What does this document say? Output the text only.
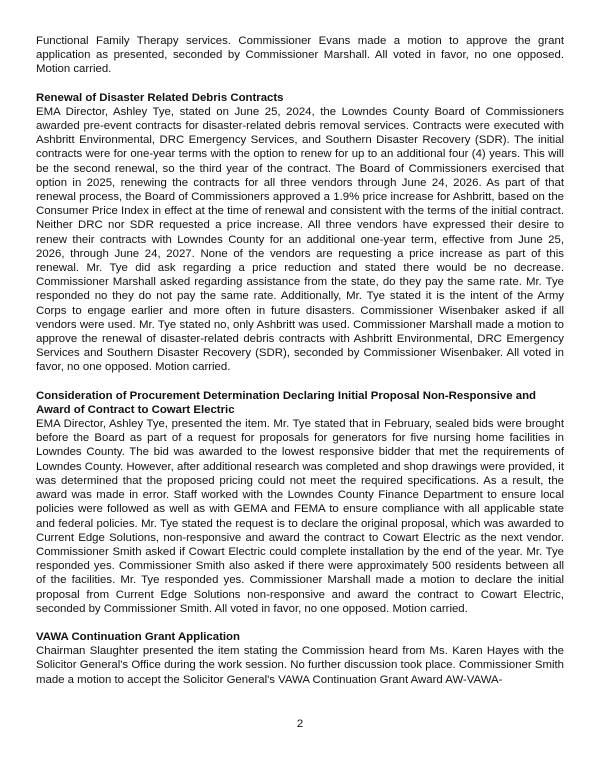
Functional Family Therapy services. Commissioner Evans made a motion to approve the grant application as presented, seconded by Commissioner Marshall. All voted in favor, no one opposed. Motion carried.

Renewal of Disaster Related Debris Contracts

EMA Director, Ashley Tye, stated on June 25, 2024, the Lowndes County Board of Commissioners awarded pre-event contracts for disaster-related debris removal services. Contracts were executed with Ashbritt Environmental, DRC Emergency Services, and Southern Disaster Recovery (SDR). The initial contracts were for one-year terms with the option to renew for up to an additional four (4) years. This will be the second renewal, so the third year of the contract. The Board of Commissioners exercised that option in 2025, renewing the contracts for all three vendors through June 24, 2026. As part of that renewal process, the Board of Commissioners approved a 1.9% price increase for Ashbritt, based on the Consumer Price Index in effect at the time of renewal and consistent with the terms of the initial contract. Neither DRC nor SDR requested a price increase. All three vendors have expressed their desire to renew their contracts with Lowndes County for an additional one-year term, effective from June 25, 2026, through June 24, 2027. None of the vendors are requesting a price increase as part of this renewal. Mr. Tye did ask regarding a price reduction and stated there would be no decrease. Commissioner Marshall asked regarding assistance from the state, do they pay the same rate. Mr. Tye responded no they do not pay the same rate. Additionally, Mr. Tye stated it is the intent of the Army Corps to engage earlier and more often in future disasters. Commissioner Wisenbaker asked if all vendors were used. Mr. Tye stated no, only Ashbritt was used. Commissioner Marshall made a motion to approve the renewal of disaster-related debris contracts with Ashbritt Environmental, DRC Emergency Services and Southern Disaster Recovery (SDR), seconded by Commissioner Wisenbaker. All voted in favor, no one opposed. Motion carried.

Consideration of Procurement Determination Declaring Initial Proposal Non-Responsive and Award of Contract to Cowart Electric

EMA Director, Ashley Tye, presented the item. Mr. Tye stated that in February, sealed bids were brought before the Board as part of a request for proposals for generators for five nursing home facilities in Lowndes County. The bid was awarded to the lowest responsive bidder that met the requirements of Lowndes County. However, after additional research was completed and shop drawings were provided, it was determined that the proposed pricing could not meet the required specifications. As a result, the award was made in error. Staff worked with the Lowndes County Finance Department to ensure local policies were followed as well as with GEMA and FEMA to ensure compliance with all applicable state and federal policies. Mr. Tye stated the request is to declare the original proposal, which was awarded to Current Edge Solutions, non-responsive and award the contract to Cowart Electric as the next vendor. Commissioner Smith asked if Cowart Electric could complete installation by the end of the year. Mr. Tye responded yes. Commissioner Smith also asked if there were approximately 500 residents between all of the facilities. Mr. Tye responded yes. Commissioner Marshall made a motion to declare the initial proposal from Current Edge Solutions non-responsive and award the contract to Cowart Electric, seconded by Commissioner Smith. All voted in favor, no one opposed. Motion carried.

VAWA Continuation Grant Application

Chairman Slaughter presented the item stating the Commission heard from Ms. Karen Hayes with the Solicitor General's Office during the work session. No further discussion took place. Commissioner Smith made a motion to accept the Solicitor General's VAWA Continuation Grant Award AW-VAWA-

2
